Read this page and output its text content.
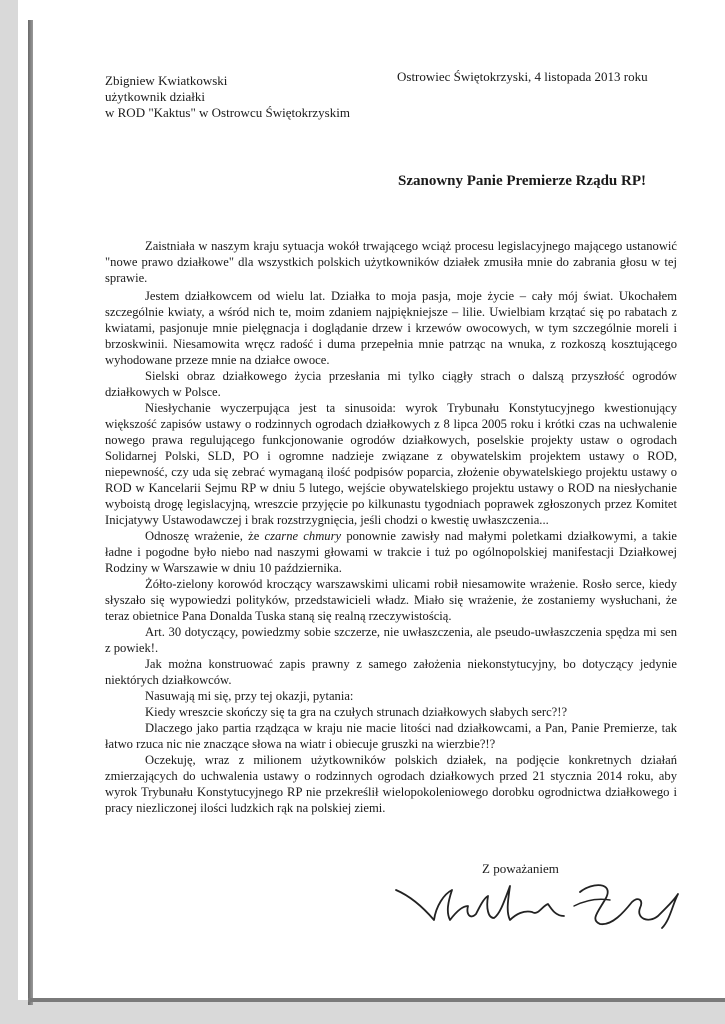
Zbigniew Kwiatkowski
użytkownik działki
w ROD "Kaktus" w Ostrowcu Świętokrzyskim
Ostrowiec Świętokrzyski, 4 listopada 2013 roku
Szanowny Panie Premierze Rządu RP!

Zaistniała w naszym kraju sytuacja wokół trwającego wciąż procesu legislacyjnego mającego ustanowić "nowe prawo działkowe" dla wszystkich polskich użytkowników działek zmusiła mnie do zabrania głosu w tej sprawie.

Jestem działkowcem od wielu lat. Działka to moja pasja, moje życie – cały mój świat. Ukochałem szczególnie kwiaty, a wśród nich te, moim zdaniem najpiękniejsze – lilie. Uwielbiam krzątać się po rabatach z kwiatami, pasjonuje mnie pielęgnacja i doglądanie drzew i krzewów owocowych, w tym szczególnie moreli i brzoskwinii. Niesamowita wręcz radość i duma przepełnia mnie patrząc na wnuka, z rozkoszą kosztującego wyhodowane przeze mnie na działce owoce.

Sielski obraz działkowego życia przesłania mi tylko ciągły strach o dalszą przyszłość ogrodów działkowych w Polsce.

Niesłychanie wyczerpująca jest ta sinusoida: wyrok Trybunału Konstytucyjnego kwestionujący większość zapisów ustawy o rodzinnych ogrodach działkowych z 8 lipca 2005 roku i krótki czas na uchwalenie nowego prawa regulującego funkcjonowanie ogrodów działkowych, poselskie projekty ustaw o ogrodach Solidarnej Polski, SLD, PO i ogromne nadzieje związane z obywatelskim projektem ustawy o ROD, niepewność, czy uda się zebrać wymaganą ilość podpisów poparcia, złożenie obywatelskiego projektu ustawy o ROD w Kancelarii Sejmu RP w dniu 5 lutego, wejście obywatelskiego projektu ustawy o ROD na niesłychanie wyboistą drogę legislacyjną, wreszcie przyjęcie po kilkunastu tygodniach poprawek zgłoszonych przez Komitet Inicjatywy Ustawodawczej i brak rozstrzygnięcia, jeśli chodzi o kwestię uwłaszczenia...

Odnoszę wrażenie, że czarne chmury ponownie zawisły nad małymi poletkami działkowymi, a takie ładne i pogodne było niebo nad naszymi głowami w trakcie i tuż po ogólnopolskiej manifestacji Działkowej Rodziny w Warszawie w dniu 10 października.

Żółto-zielony korowód kroczący warszawskimi ulicami robił niesamowite wrażenie. Rosło serce, kiedy słyszało się wypowiedzi polityków, przedstawicieli władz. Miało się wrażenie, że zostaniemy wysłuchani, że teraz obietnice Pana Donalda Tuska staną się realną rzeczywistością.

Art. 30 dotyczący, powiedzmy sobie szczerze, nie uwłaszczenia, ale pseudo-uwłaszczenia spędza mi sen z powiek!.

Jak można konstruować zapis prawny z samego założenia niekonstytucyjny, bo dotyczący jedynie niektórych działkowców.

Nasuwają mi się, przy tej okazji, pytania:

Kiedy wreszcie skończy się ta gra na czułych strunach działkowych słabych serc?!?

Dlaczego jako partia rządząca w kraju nie macie litości nad działkowcami, a Pan, Panie Premierze, tak łatwo rzuca nic nie znaczące słowa na wiatr i obiecuje gruszki na wierzbie?!?

Oczekuję, wraz z milionem użytkowników polskich działek, na podjęcie konkretnych działań zmierzających do uchwalenia ustawy o rodzinnych ogrodach działkowych przed 21 stycznia 2014 roku, aby wyrok Trybunału Konstytucyjnego RP nie przekreślił wielopokoleniowego dorobku ogrodnictwa działkowego i pracy niezliczonej ilości ludzkich rąk na polskiej ziemi.

Z poważaniem
